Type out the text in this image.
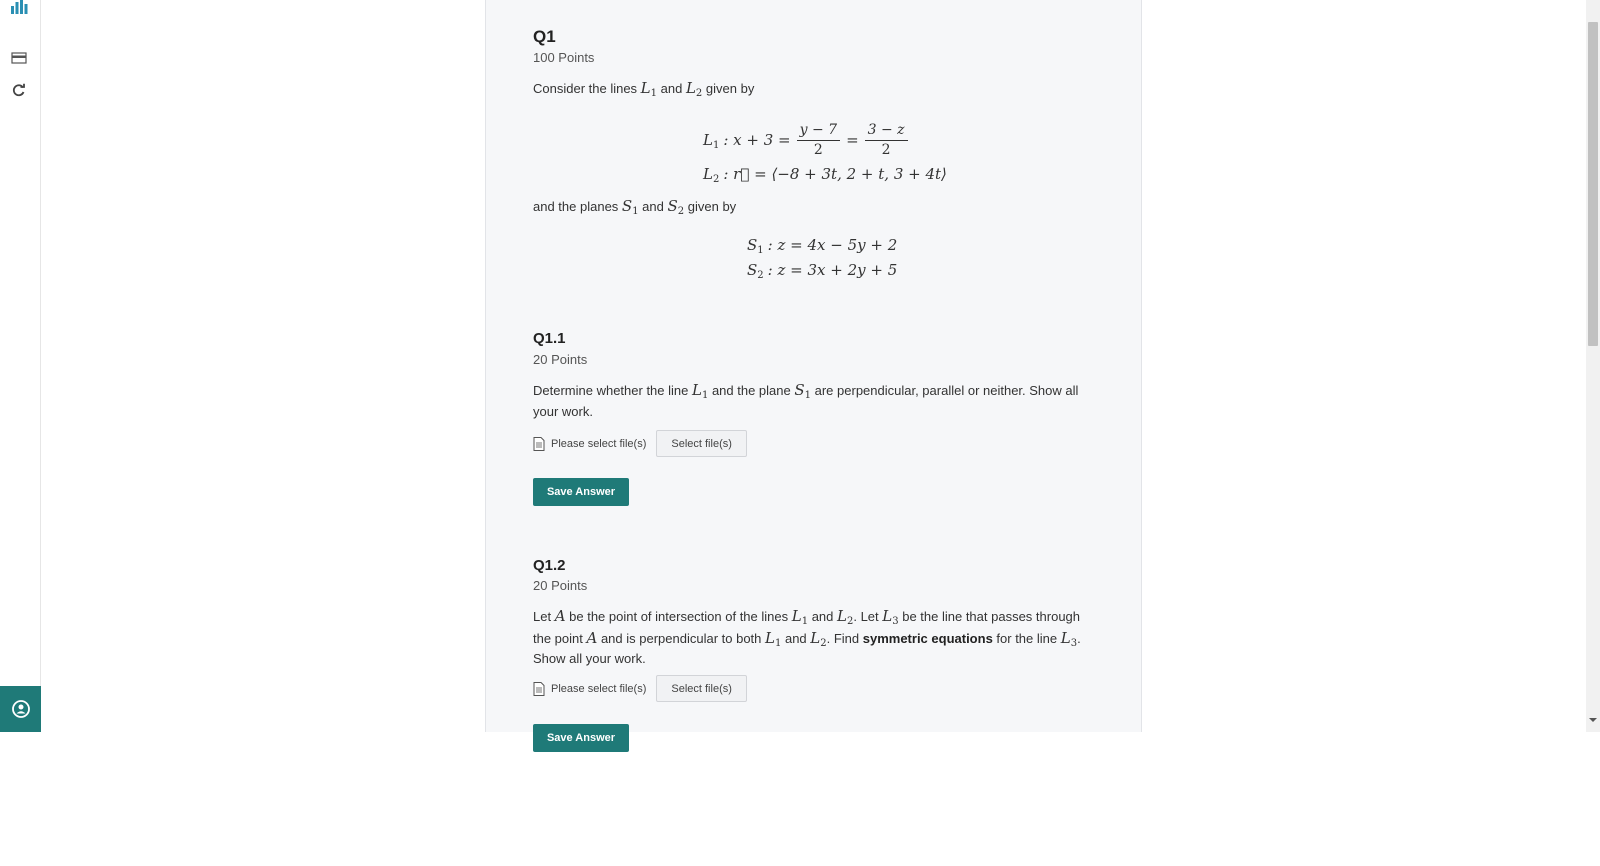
Q1
100 Points
Consider the lines $L_1$ and $L_2$ given by
$L_1$ : $x + 3 = \frac{y - 7}{2} = \frac{3 - z}{2}$
$L_2$ : r⃗ = ⟨−8 + 3t, 2 + t, 3 + 4t⟩
and the planes $S_1$ and $S_2$ given by
$S_1$ : z = 4x − 5y + 2
$S_2$ : z = 3x + 2y + 5
Q1.1
20 Points
Determine whether the line $L_1$ and the plane $S_1$ are perpendicular, parallel or neither. Show all your work.
Please select file(s)	Select file(s)
Save Answer
Q1.2
20 Points
Let A be the point of intersection of the lines $L_1$ and $L_2$. Let $L_3$ be the line that passes through the point A and is perpendicular to both $L_1$ and $L_2$. Find symmetric equations for the line $L_3$. Show all your work.
Please select file(s)	Select file(s)
Save Answer
